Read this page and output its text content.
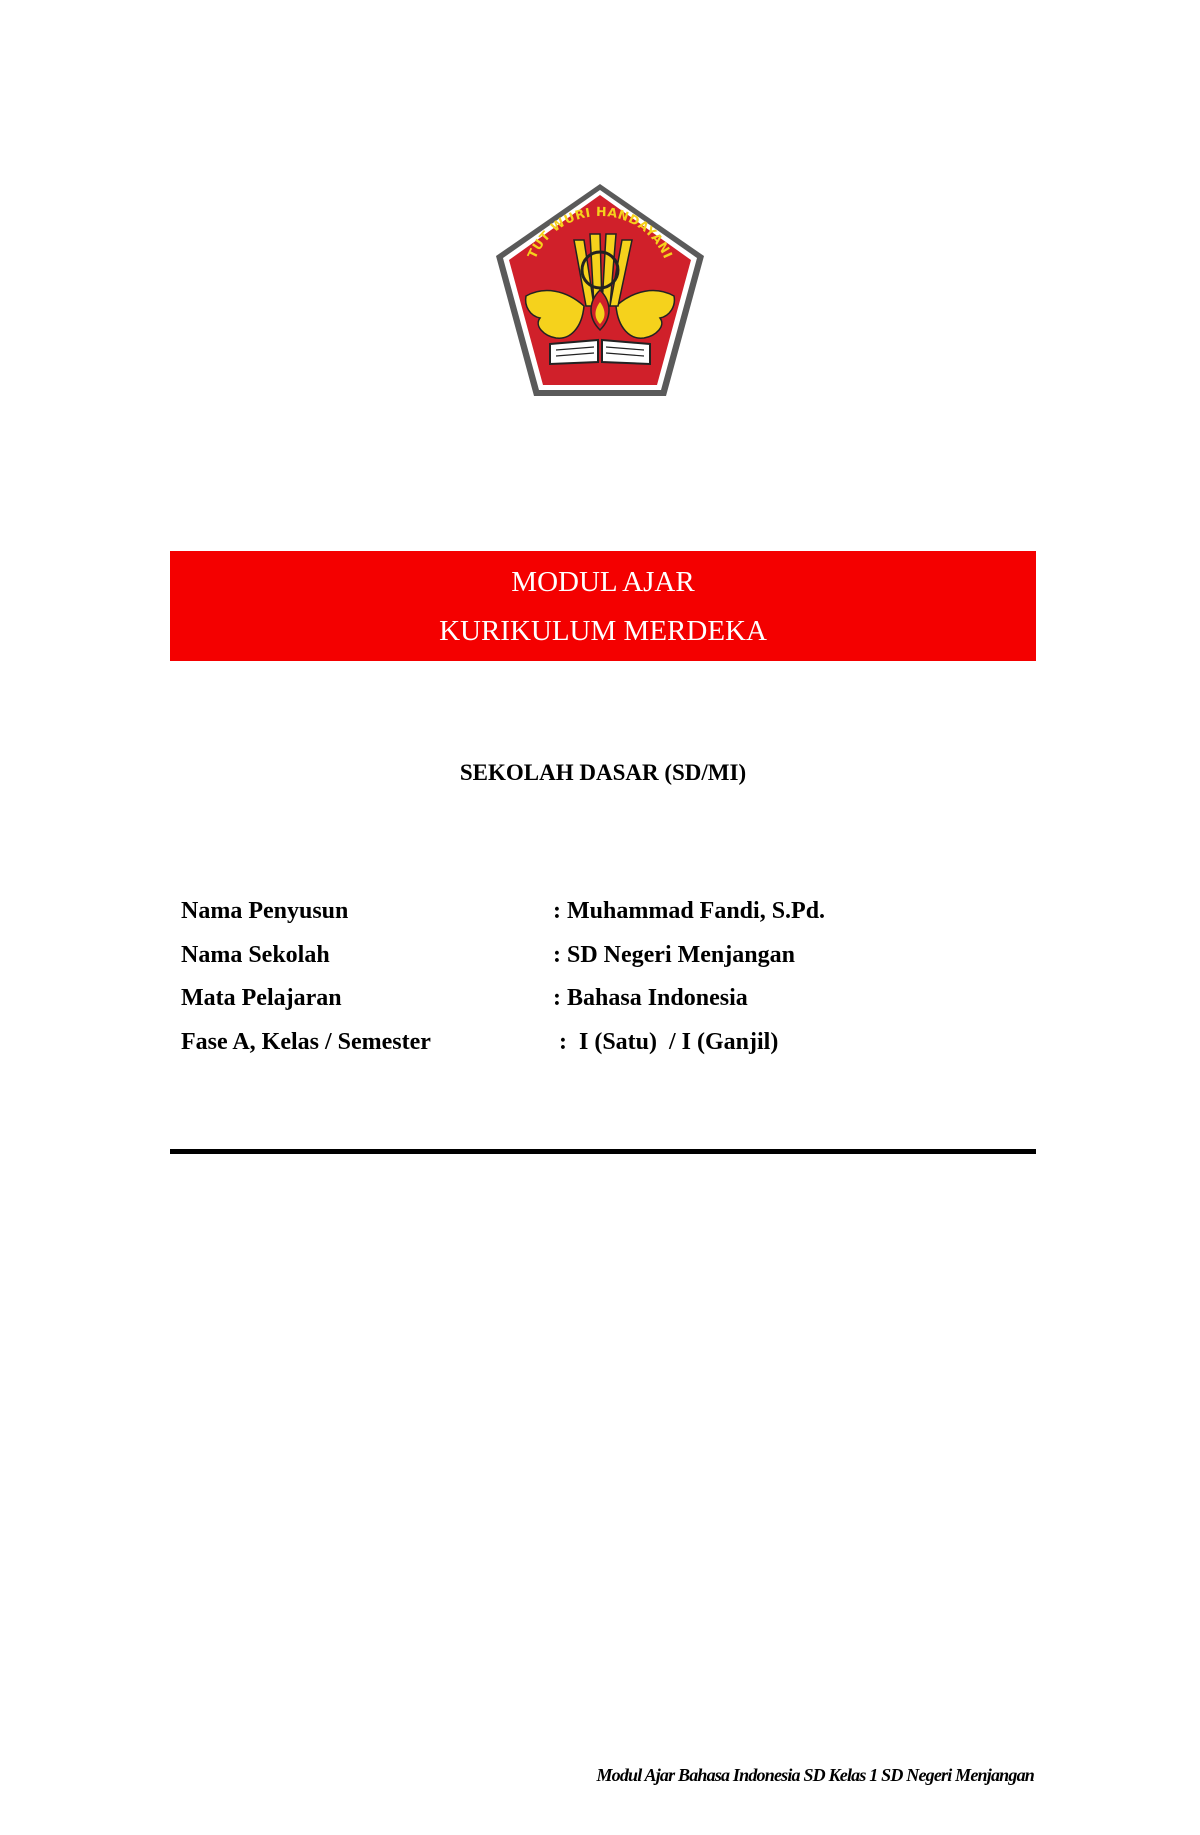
TUT WURI HANDAYANI
MODUL AJAR
KURIKULUM MERDEKA
SEKOLAH DASAR (SD/MI)
Nama Penyusun	: Muhammad Fandi, S.Pd.
Nama Sekolah	: SD Negeri Menjangan
Mata Pelajaran	: Bahasa Indonesia
Fase A, Kelas / Semester	:  I (Satu)  / I (Ganjil)
Modul Ajar Bahasa Indonesia SD Kelas 1 SD Negeri Menjangan
